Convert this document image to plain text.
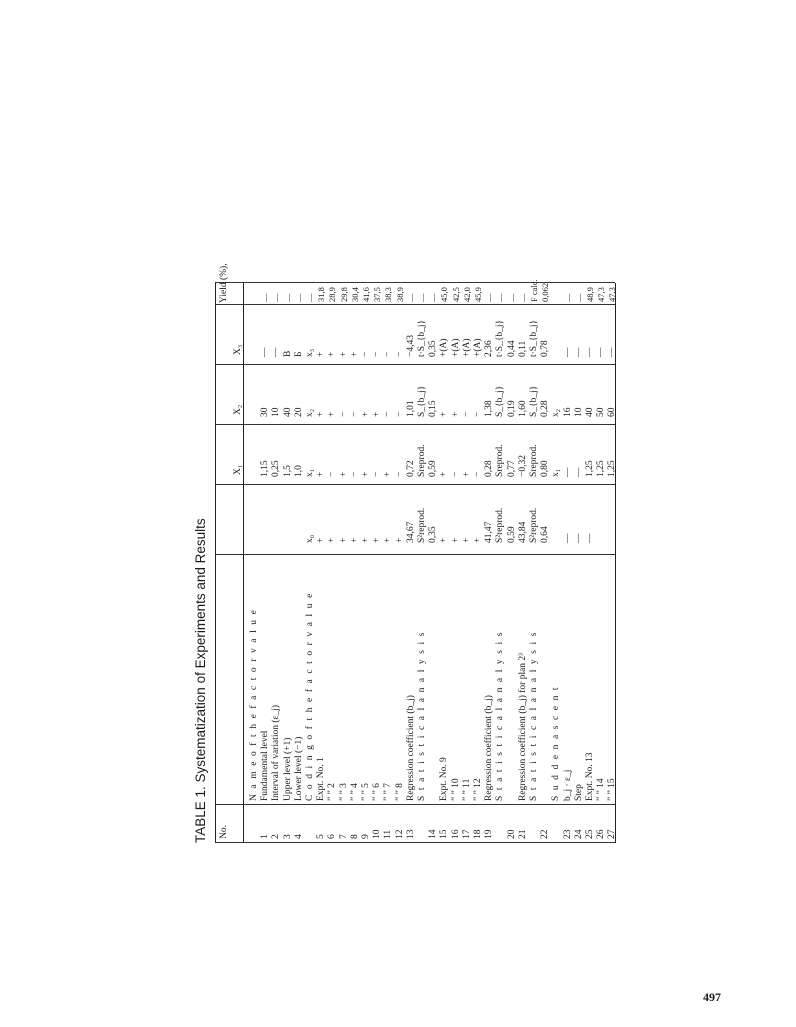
TABLE 1. Systematization of Experiments and Results No.
N a m e o f t h e f a c t o r v a l u e
1
Fundamental level
1,15
30
—
—
2
Interval of variation (ε_j)
0,25
10
—
—
3
Upper level (+1)
1,5
40
B
—
4
Lower level (−1)
1,0
20
Б
—
C o d i n g o f t h e f a c t o r v a l u e
x₀
x₁
x₂
x₃
—
5
Expt. No. 1
+
+
+
+
31,8
6
” ” 2
+
−
+
+
28,9
7
” ” 3
+
+
−
+
29,8
8
” ” 4
+
−
−
+
30,4
9
” ” 5
+
+
+
−
41,6
10
” ” 6
+
−
+
−
37,5
11
” ” 7
+
+
−
−
38,3
12
” ” 8
+
−
−
−
38,9
13
Regression coefficient (b_j)
34,67
0,72
1,01
−4,43
—
S t a t i s t i c a l a n a l y s i s
S²reprod.
Sreprod.
S_{b_j}
t·S_{b_j}
—
14
0,35
0,59
0,15
0,35
—
15
Expt. No. 9
+
+
+
+(A)
45,0
16
” ” 10
+
−
+
+(A)
42,5
17
” ” 11
+
+
−
+(A)
42,0
18
” ” 12
+
−
−
+(A)
45,9
19
Regression coefficient (b_j)
41,47
0,28
1,38
2,36
—
S t a t i s t i c a l a n a l y s i s
S²reprod.
Sreprod.
S_{b_j}
t·S_{b_j}
—
20
0,59
0,77
0,19
0,44
—
21
Regression coefficient (b_j) for plan 2³
43,84
−0,32
1,60
0,11
—
S t a t i s t i c a l a n a l y s i s
S²reprod.
Sreprod.
S_{b_j}
t·S_{b_j}
F calc.
22
0,64
0,80
0,28
0,78
0,062
S u d d e n a s c e n t
x₁
x₂
23
b_j · ε_j
—
—
16
—
—
24
Step
—
—
10
—
—
25
Expt. No. 13
—
1,25
40
—
48,9
26
” ” 14
1,25
50
—
47,3
27
” ” 15
1,25
60
—
47,3
X₁
X₂
X₃
Yield (%),
497
